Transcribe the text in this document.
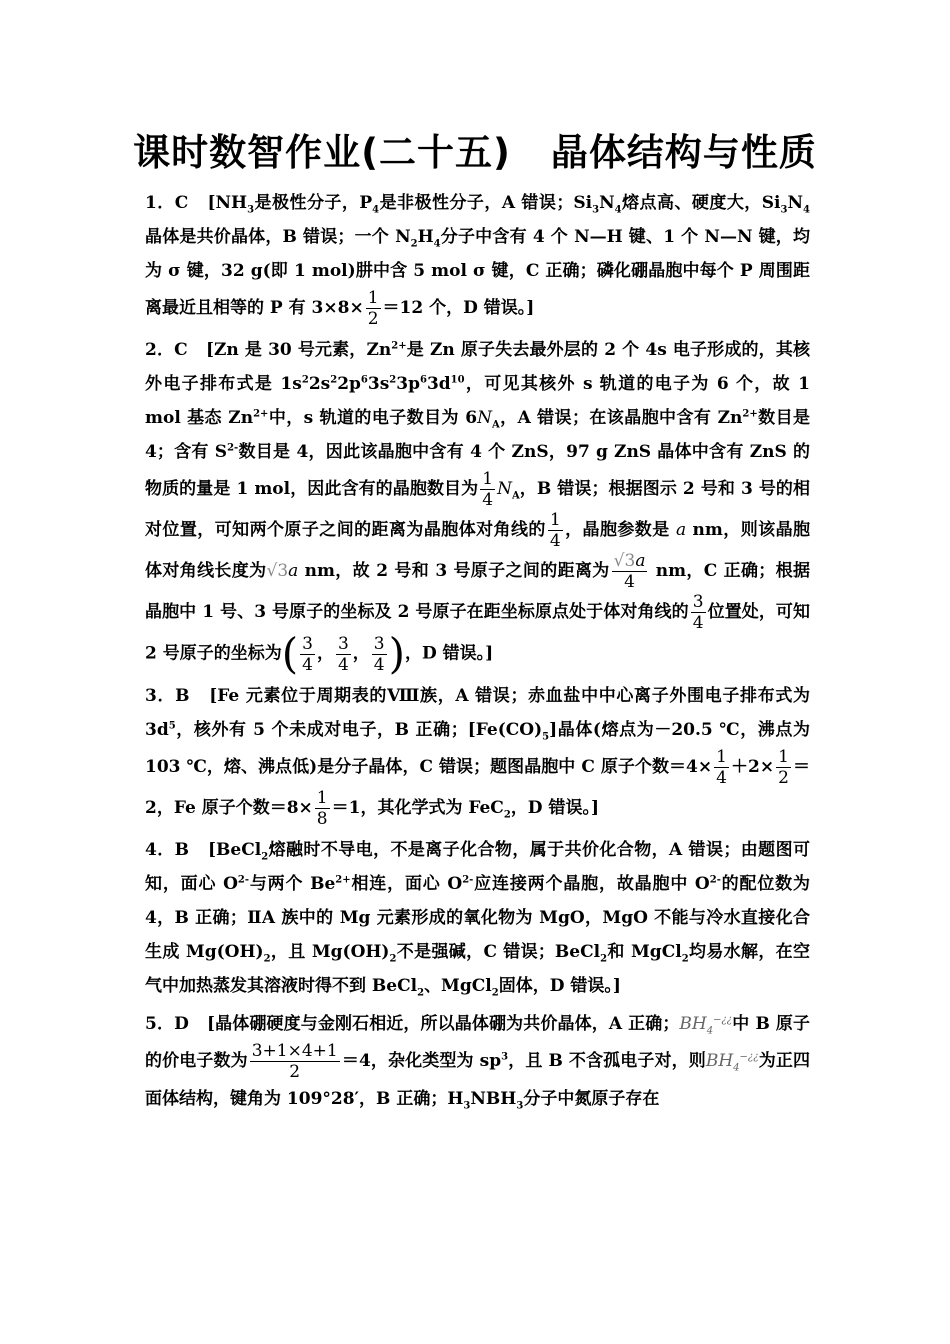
课时数智作业(二十五) 晶体结构与性质

1．C [$NH_3$是极性分子，$P_4$是非极性分子，A 错误；$Si_3N_4$熔点高、硬度大，$Si_3N_4$晶体是共价晶体，B 错误；一个 $N_2H_4$分子中含有 4 个 N—H 键、1 个 N—N 键，均为 σ 键，32 g(即 1 mol)肼中含 5 mol σ 键，C 正确；磷化硼晶胞中每个 P 周围距离最近且相等的 P 有 $3\times 8\times \frac{1}{2} =12$ 个，D 错误。]

2．C [Zn 是 30 号元素，$Zn^{2+}$是 Zn 原子失去最外层的 2 个 4s 电子形成的，其核外电子排布式是 $1s^22s^22p^63s^23p^63d^{10}$，可见其核外 s 轨道的电子为 6 个，故 1 mol 基态 $Zn^{2+}$中，s 轨道的电子数目为 $6N_A$，A 错误；在该晶胞中含有 $Zn^{2+}$数目是 4；含有 $S^{2-}$数目是 4，因此该晶胞中含有 4 个 ZnS，97 g ZnS 晶体中含有 ZnS 的物质的量是 1 mol，因此含有的晶胞数目为 $\frac{1}{4} N_A$，B 错误；根据图示 2 号和 3 号的相对位置，可知两个原子之间的距离为晶胞体对角线的 $\frac{1}{4}$ ，晶胞参数是 a nm，则该晶胞体对角线长度为√3a nm，故 2 号和 3 号原子之间的距离为 $\frac{√3a}{4}$ nm，C 正确；根据晶胞中 1 号、3 号原子的坐标及 2 号原子在距坐标原点处于体对角线的 $\frac{3}{4}$ 位置处，可知 2 号原子的坐标为( $\frac{3}{4}$ ， $\frac{3}{4}$ ， $\frac{3}{4}$ )，D 错误。]

3．B [Fe 元素位于周期表的Ⅷ族，A 错误；赤血盐中中心离子外围电子排布式为 $3d^5$，核外有 5 个未成对电子，B 正确；$[Fe(CO)_5]$晶体(熔点为－20.5 ℃，沸点为 103 ℃，熔、沸点低)是分子晶体，C 错误；题图晶胞中 C 原子个数$=4\times \frac{1}{4} +2\times \frac{1}{2} =2$，Fe 原子个数$=8\times \frac{1}{8} =1$，其化学式为 FeC$_2$，D 错误。]

4．B [BeCl$_2$熔融时不导电，不是离子化合物，属于共价化合物，A 错误；由题图可知，面心 $O^{2-}$与两个 $Be^{2+}$相连，面心 $O^{2-}$应连接两个晶胞，故晶胞中 $O^{2-}$的配位数为 4，B 正确；ⅡA 族中的 Mg 元素形成的氧化物为 MgO，MgO 不能与冷水直接化合生成 $Mg(OH)_2$，且 $Mg(OH)_2$不是强碱，C 错误；BeCl$_2$和 MgCl$_2$均易水解，在空气中加热蒸发其溶液时得不到 BeCl$_2$、MgCl$_2$固体，D 错误。]

5．D [晶体硼硬度与金刚石相近，所以晶体硼为共价晶体，A 正确；$BH_4^{-¿¿}$中 B 原子的价电子数为 $\frac{3+1\times 4+1}{2} =4$，杂化类型为 $sp^3$，且 B 不含孤电子对，则$BH_4^{-¿¿}$为正四面体结构，键角为 109°28′，B 正确；$H_3NBH_3$分子中氮原子存在
